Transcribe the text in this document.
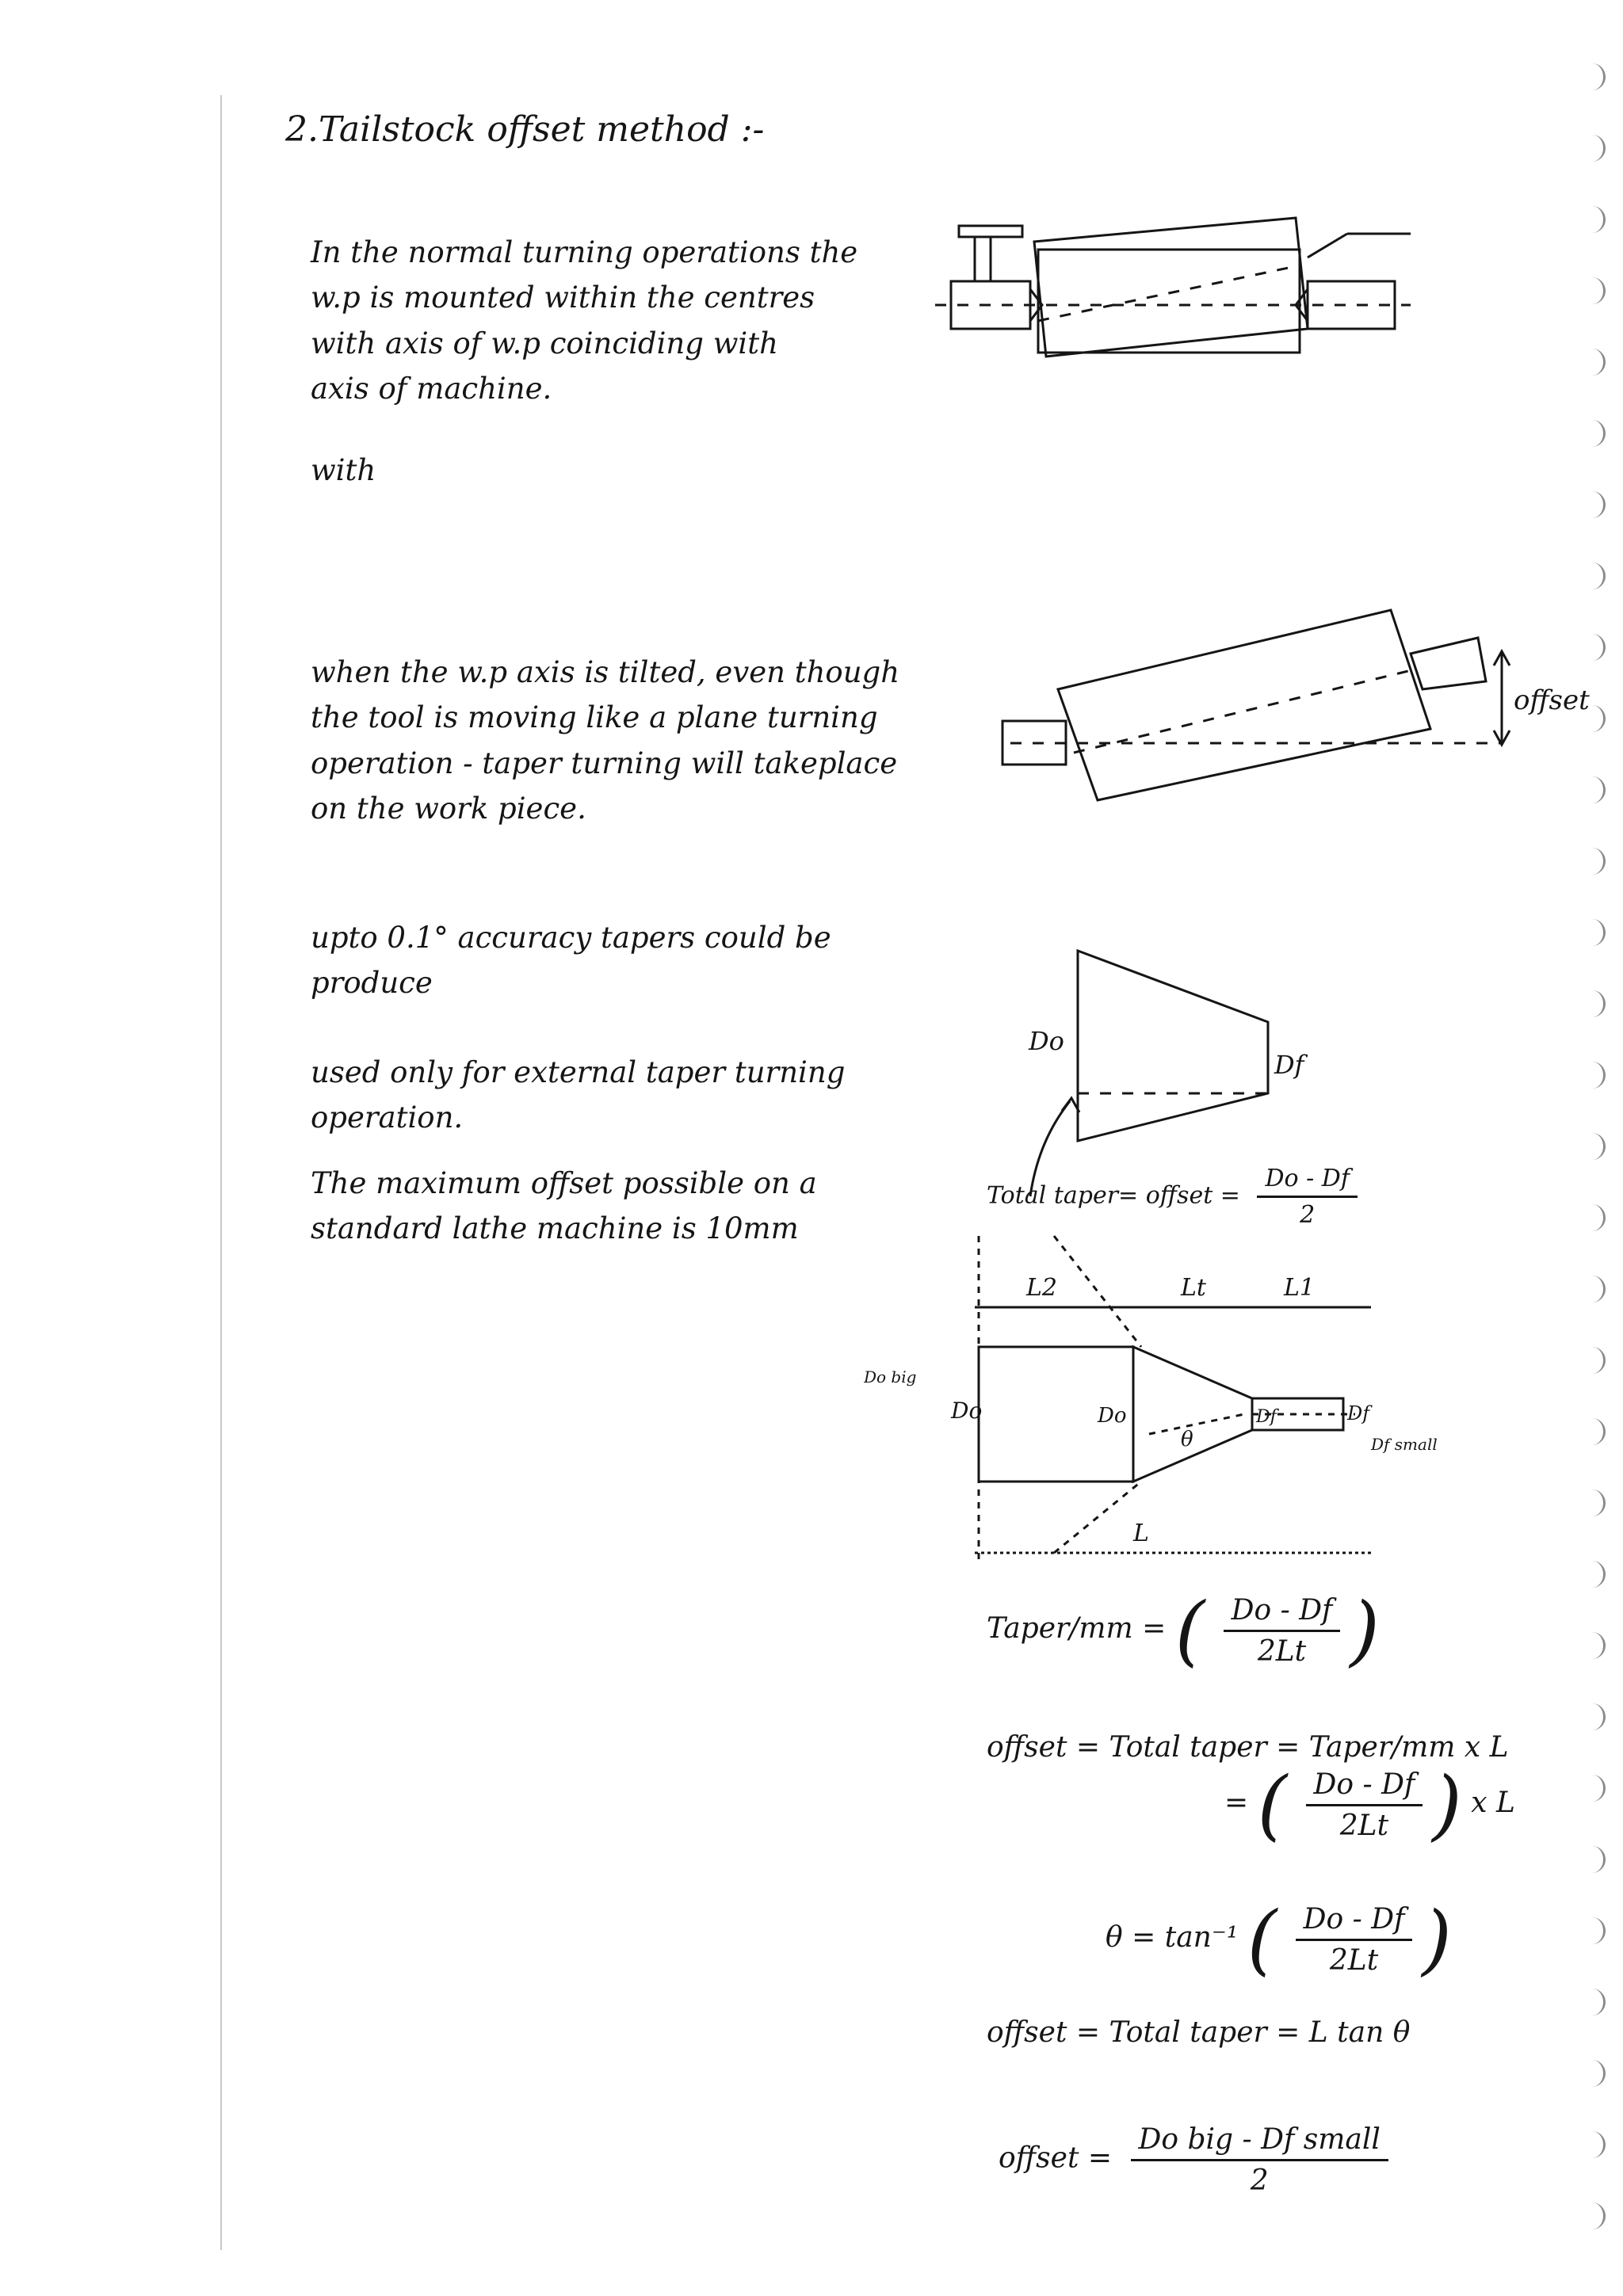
2.Tailstock offset method :-
In the normal turning operations the
w.p is mounted within the centres
with axis of w.p coinciding with
axis of machine.
with
when the w.p axis is tilted, even though
the tool is moving like a plane turning
operation - taper turning will takeplace
on the work piece.
upto 0.1° accuracy tapers could be produce
used only for external taper turning
operation.
The maximum offset possible on a
standard lathe machine is 10mm
offset
Do
Df
Total taper= offset = $\frac{Do - Df}{2}$
L2	Lt	L1
Do	Do	Df	Df
Df small
Do big
θ
L
Taper/mm = ( $\frac{Do - Df}{2Lt}$ )
offset = Total taper = Taper/mm x L
= ( $\frac{Do - Df}{2Lt}$ ) x L
θ = tan⁻¹ ( $\frac{Do - Df}{2Lt}$ )
offset = Total taper = L tan θ
offset = $\frac{\text{Do big - Df small}}{2}$
